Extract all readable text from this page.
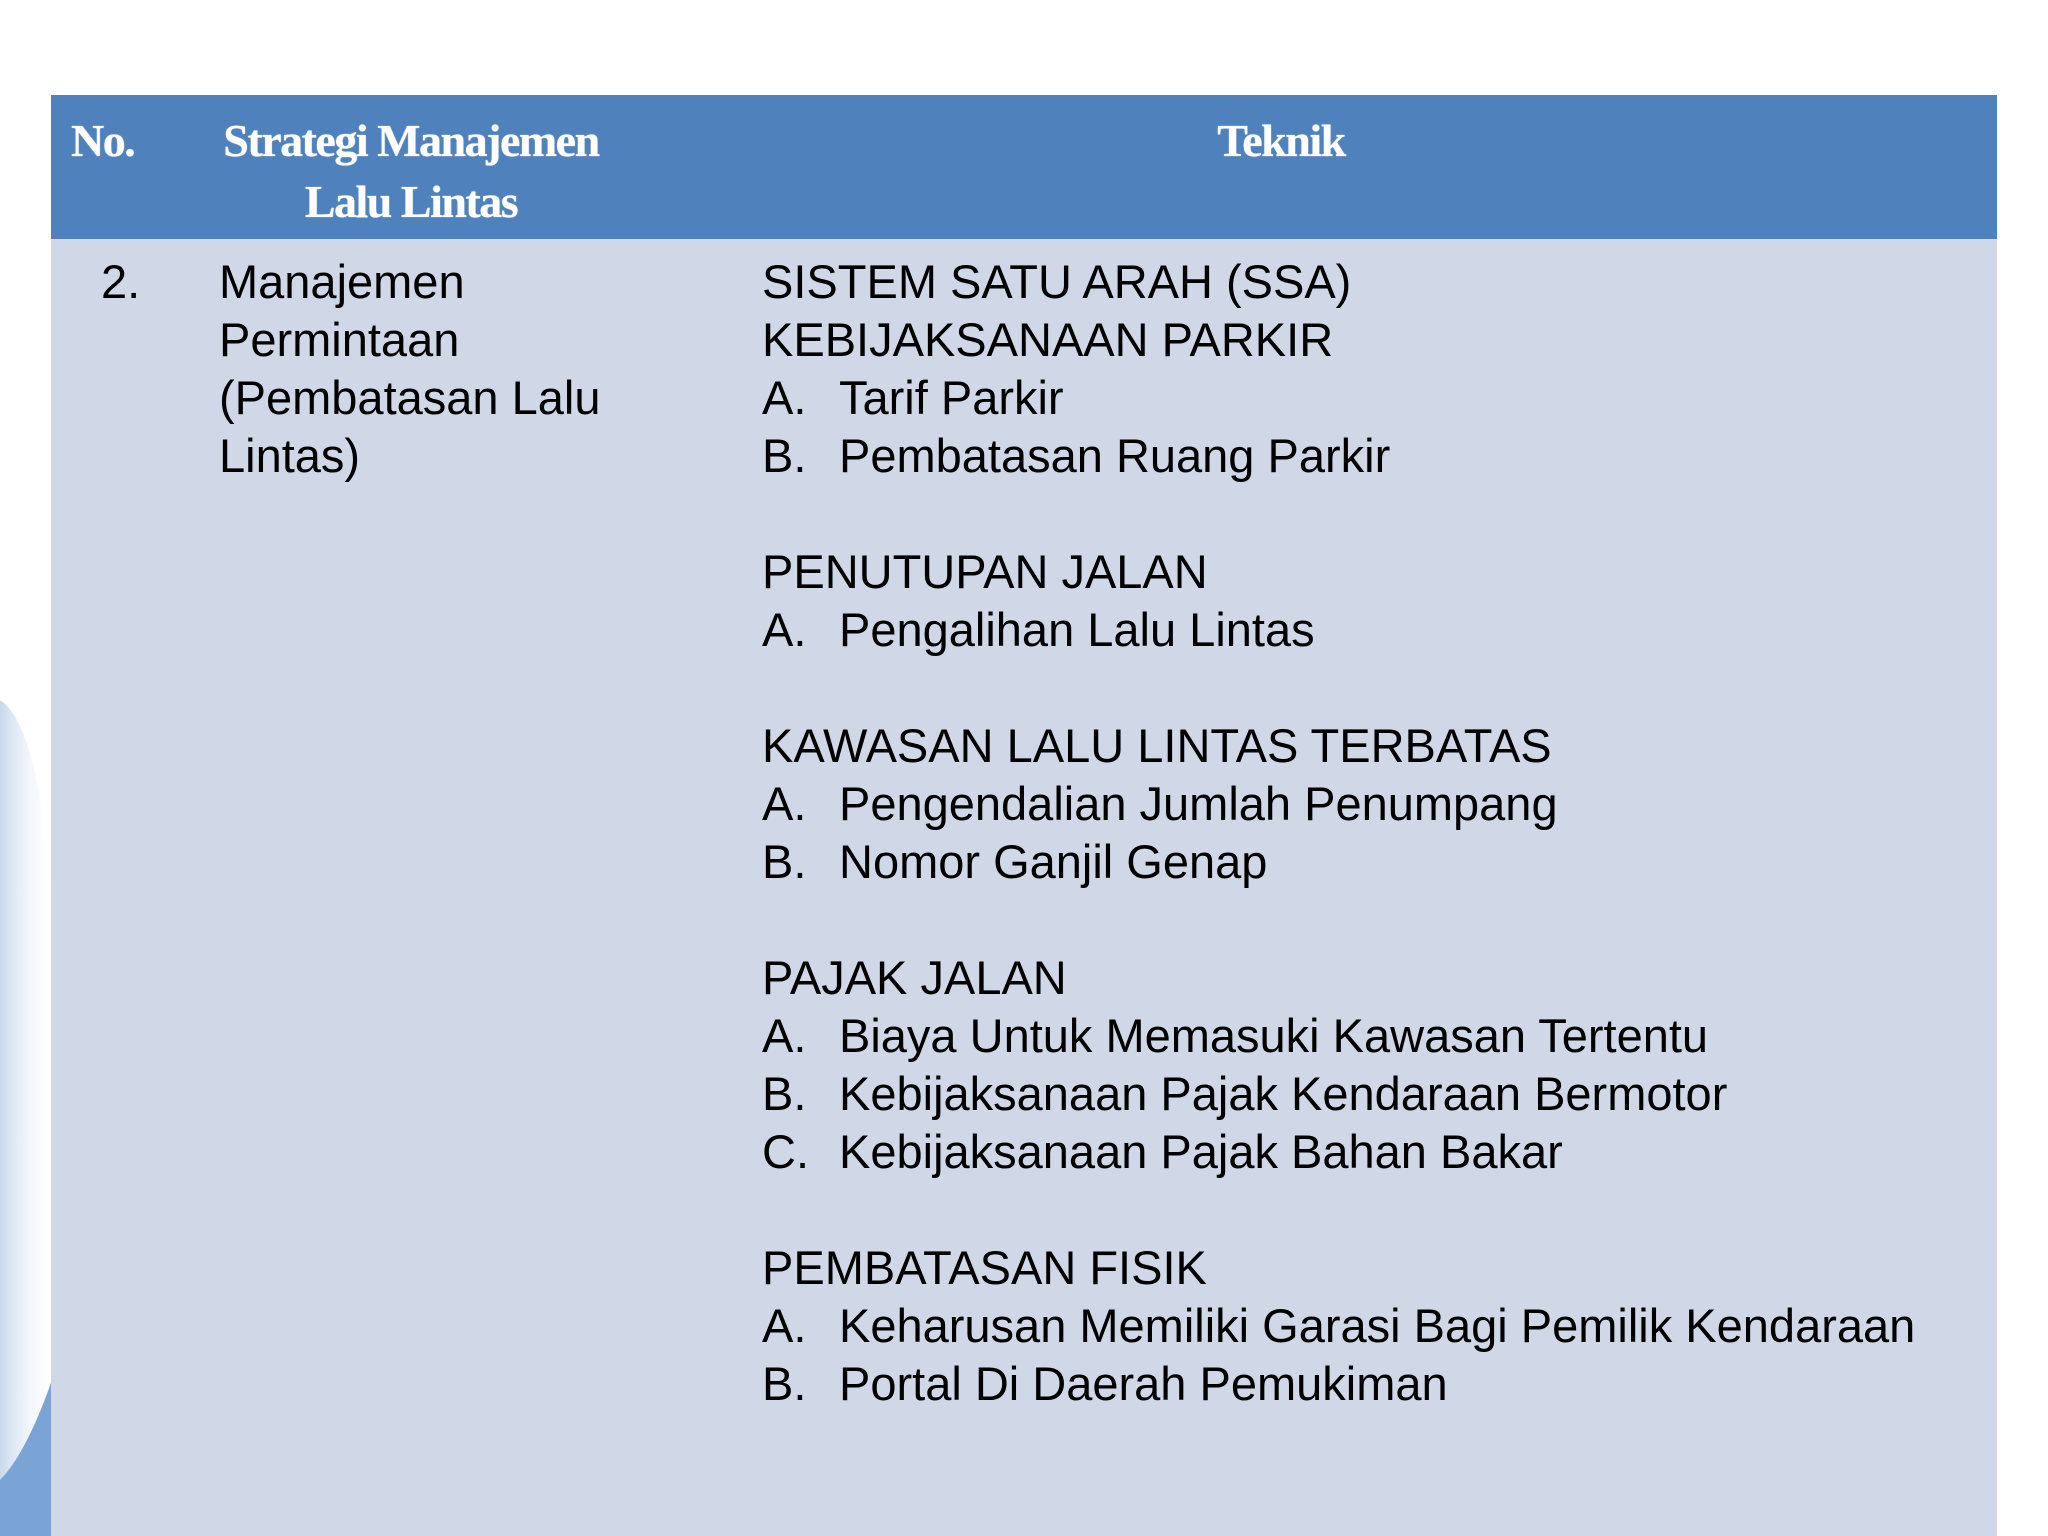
No.	Strategi Manajemen Lalu Lintas
Teknik
2.	Manajemen Permintaan (Pembatasan Lalu Lintas)
SISTEM SATU ARAH (SSA)
KEBIJAKSANAAN PARKIR
A. Tarif Parkir
B. Pembatasan Ruang Parkir
PENUTUPAN JALAN
A. Pengalihan Lalu Lintas
KAWASAN LALU LINTAS TERBATAS
A. Pengendalian Jumlah Penumpang
B. Nomor Ganjil Genap
PAJAK JALAN
A. Biaya Untuk Memasuki Kawasan Tertentu
B. Kebijaksanaan Pajak Kendaraan Bermotor
C. Kebijaksanaan Pajak Bahan Bakar
PEMBATASAN FISIK
A. Keharusan Memiliki Garasi Bagi Pemilik Kendaraan
B. Portal Di Daerah Pemukiman
